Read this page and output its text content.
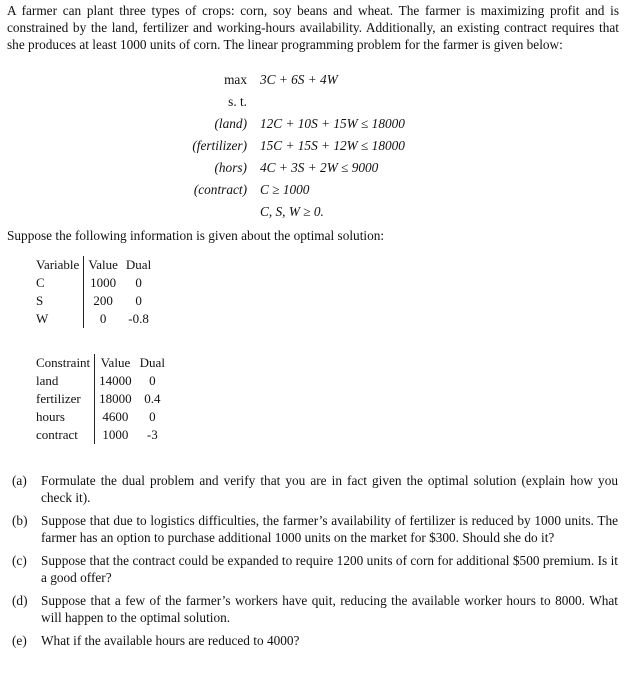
A farmer can plant three types of crops: corn, soy beans and wheat. The farmer is maximizing profit and is constrained by the land, fertilizer and working-hours availability. Additionally, an existing contract requires that she produces at least 1000 units of corn. The linear programming problem for the farmer is given below:
max 3C + 6S + 4W
s. t.
(land) 12C + 10S + 15W ≤ 18000
(fertilizer) 15C + 15S + 12W ≤ 18000
(hors) 4C + 3S + 2W ≤ 9000
(contract) C ≥ 1000
C, S, W ≥ 0.
Suppose the following information is given about the optimal solution:
Variable	Value	Dual
C	1000	0
S	200	0
W	0	-0.8
Constraint	Value	Dual
land	14000	0
fertilizer	18000	0.4
hours	4600	0
contract	1000	-3
(a) Formulate the dual problem and verify that you are in fact given the optimal solution (explain how you check it).
(b) Suppose that due to logistics difficulties, the farmer’s availability of fertilizer is reduced by 1000 units. The farmer has an option to purchase additional 1000 units on the market for $300. Should she do it?
(c) Suppose that the contract could be expanded to require 1200 units of corn for additional $500 premium. Is it a good offer?
(d) Suppose that a few of the farmer’s workers have quit, reducing the available worker hours to 8000. What will happen to the optimal solution.
(e) What if the available hours are reduced to 4000?
